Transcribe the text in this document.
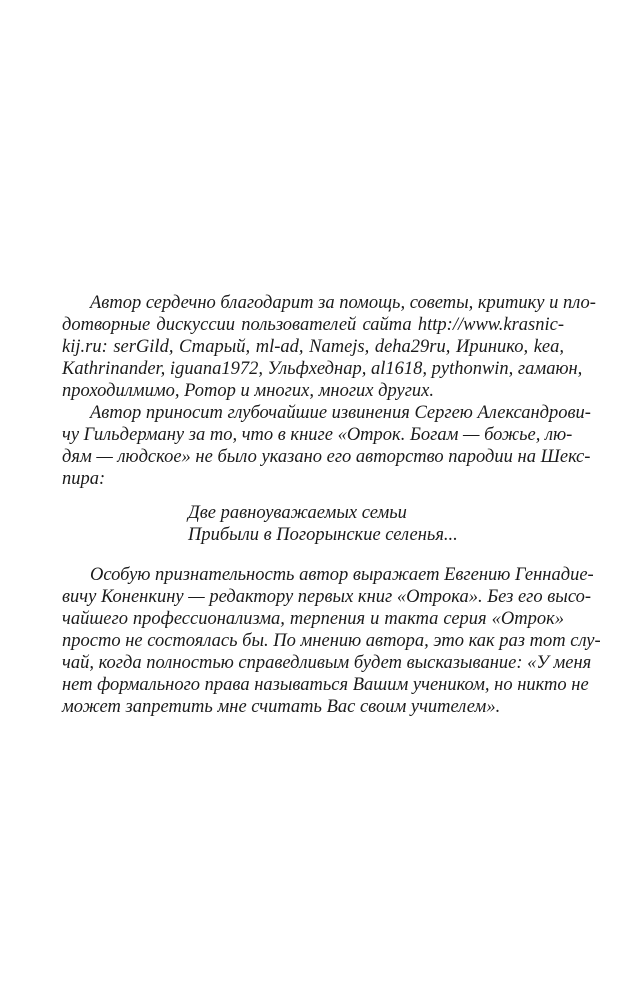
Автор сердечно благодарит за помощь, советы, критику и пло-
дотворные дискуссии пользователей сайта http://www.krasnic-
kij.ru: serGild, Старый, ml-ad, Namejs, deha29ru, Иринико, kea,
Kathrinander, iguana1972, Ульфхеднар, al1618, pythonwin, гамаюн,
проходилмимо, Ротор и многих, многих других.
Автор приносит глубочайшие извинения Сергею Александрови-
чу Гильдерману за то, что в книге «Отрок. Богам — божье, лю-
дям — людское» не было указано его авторство пародии на Шекс-
пира:
Две равноуважаемых семьи
Прибыли в Погорынские селенья...
Особую признательность автор выражает Евгению Геннадие-
вичу Коненкину — редактору первых книг «Отрока». Без его высо-
чайшего профессионализма, терпения и такта серия «Отрок»
просто не состоялась бы. По мнению автора, это как раз тот слу-
чай, когда полностью справедливым будет высказывание: «У меня
нет формального права называться Вашим учеником, но никто не
может запретить мне считать Вас своим учителем».
